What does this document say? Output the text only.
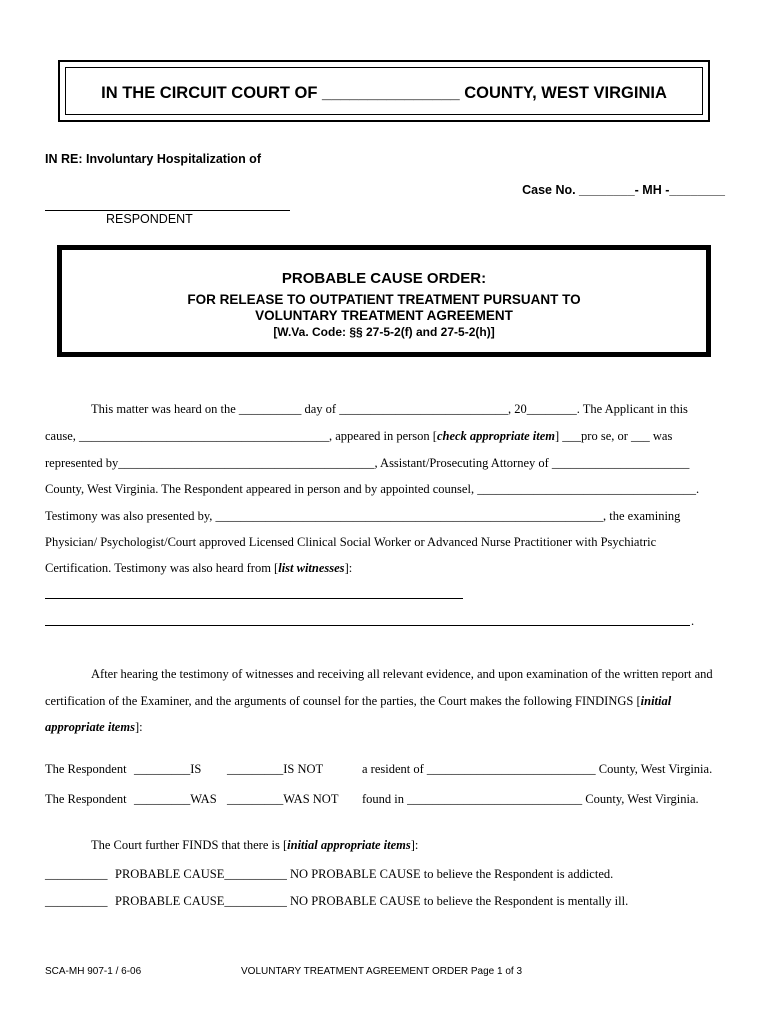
IN THE CIRCUIT COURT OF _______________ COUNTY, WEST VIRGINIA
IN RE: Involuntary Hospitalization of
Case No. ________- MH -________
RESPONDENT
PROBABLE CAUSE ORDER:
FOR RELEASE TO OUTPATIENT TREATMENT PURSUANT TO
VOLUNTARY TREATMENT AGREEMENT
[W.Va. Code: §§ 27-5-2(f) and 27-5-2(h)]
This matter was heard on the __________ day of ___________________________, 20________. The Applicant in this
cause, ________________________________________, appeared in person [check appropriate item] ___pro se, or ___ was
represented by_________________________________________, Assistant/Prosecuting Attorney of ______________________
County, West Virginia. The Respondent appeared in person and by appointed counsel, ___________________________________.
Testimony was also presented by, ______________________________________________________________, the examining
Physician/ Psychologist/Court approved Licensed Clinical Social Worker or Advanced Nurse Practitioner with Psychiatric
Certification. Testimony was also heard from [list witnesses]:
.
After hearing the testimony of witnesses and receiving all relevant evidence, and upon examination of the written report and
certification of the Examiner, and the arguments of counsel for the parties, the Court makes the following FINDINGS [initial
appropriate items]:
The Respondent _________IS _________IS NOT	a resident of ___________________________ County, West Virginia.
The Respondent _________WAS _________WAS NOT found in ____________________________ County, West Virginia.
The Court further FINDS that there is [initial appropriate items]:
__________ PROBABLE CAUSE__________ NO PROBABLE CAUSE to believe the Respondent is addicted.
__________ PROBABLE CAUSE__________ NO PROBABLE CAUSE to believe the Respondent is mentally ill.
SCA-MH 907-1 / 6-06	VOLUNTARY TREATMENT AGREEMENT ORDER Page 1 of 3
